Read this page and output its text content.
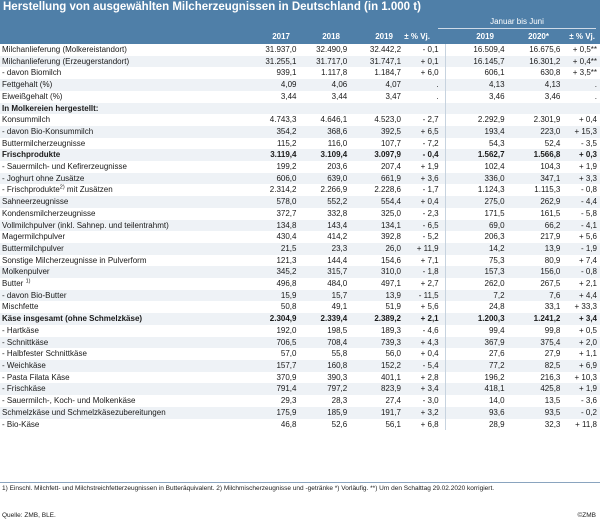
Herstellung von ausgewählten Milcherzeugnissen in Deutschland (in 1.000 t)
Januar bis Juni
2017	2018	2019	± % Vj.	2019	2020*	± % Vj.
Milchanlieferung (Molkereistandort)	31.937,0	32.490,9	32.442,2	- 0,1	16.509,4	16.675,6	+ 0,5**
Milchanlieferung (Erzeugerstandort)	31.255,1	31.717,0	31.747,1	+ 0,1	16.145,7	16.301,2	+ 0,4**
- davon Biomilch	939,1	1.117,8	1.184,7	+ 6,0	606,1	630,8	+ 3,5**
Fettgehalt (%)	4,09	4,06	4,07	.	4,13	4,13	.
Eiweißgehalt (%)	3,44	3,44	3,47	.	3,46	3,46	.
In Molkereien hergestellt:							
Konsummilch	4.743,3	4.646,1	4.523,0	- 2,7	2.292,9	2.301,9	+ 0,4
- davon Bio-Konsummilch	354,2	368,6	392,5	+ 6,5	193,4	223,0	+ 15,3
Buttermilcherzeugnisse	115,2	116,0	107,7	- 7,2	54,3	52,4	- 3,5
Frischprodukte	3.119,4	3.109,4	3.097,9	- 0,4	1.562,7	1.566,8	+ 0,3
- Sauermilch- und Kefirerzeugnisse	199,2	203,6	207,4	+ 1,9	102,4	104,3	+ 1,9
- Joghurt ohne Zusätze	606,0	639,0	661,9	+ 3,6	336,0	347,1	+ 3,3
- Frischprodukte$^{2)}$ mit Zusätzen	2.314,2	2.266,9	2.228,6	- 1,7	1.124,3	1.115,3	- 0,8
Sahneerzeugnisse	578,0	552,2	554,4	+ 0,4	275,0	262,9	- 4,4
Kondensmilcherzeugnisse	372,7	332,8	325,0	- 2,3	171,5	161,5	- 5,8
Vollmilchpulver (inkl. Sahnep. und teilentrahmt)	134,8	143,4	134,1	- 6,5	69,0	66,2	- 4,1
Magermilchpulver	430,4	414,2	392,8	- 5,2	206,3	217,9	+ 5,6
Buttermilchpulver	21,5	23,3	26,0	+ 11,9	14,2	13,9	- 1,9
Sonstige Milcherzeugnisse in Pulverform	121,3	144,4	154,6	+ 7,1	75,3	80,9	+ 7,4
Molkenpulver	345,2	315,7	310,0	- 1,8	157,3	156,0	- 0,8
Butter $^{1)}$	496,8	484,0	497,1	+ 2,7	262,0	267,5	+ 2,1
- davon Bio-Butter	15,9	15,7	13,9	- 11,5	7,2	7,6	+ 4,4
Mischfette	50,8	49,1	51,9	+ 5,6	24,8	33,1	+ 33,3
Käse insgesamt (ohne Schmelzkäse)	2.304,9	2.339,4	2.389,2	+ 2,1	1.200,3	1.241,2	+ 3,4
- Hartkäse	192,0	198,5	189,3	- 4,6	99,4	99,8	+ 0,5
- Schnittkäse	706,5	708,4	739,3	+ 4,3	367,9	375,4	+ 2,0
- Halbfester Schnittkäse	57,0	55,8	56,0	+ 0,4	27,6	27,9	+ 1,1
- Weichkäse	157,7	160,8	152,2	- 5,4	77,2	82,5	+ 6,9
- Pasta Filata Käse	370,9	390,3	401,1	+ 2,8	196,2	216,3	+ 10,3
- Frischkäse	791,4	797,2	823,9	+ 3,4	418,1	425,8	+ 1,9
- Sauermilch-, Koch- und Molkenkäse	29,3	28,3	27,4	- 3,0	14,0	13,5	- 3,6
Schmelzkäse und Schmelzkäsezubereitungen	175,9	185,9	191,7	+ 3,2	93,6	93,5	- 0,2
- Bio-Käse	46,8	52,6	56,1	+ 6,8	28,9	32,3	+ 11,8
1) Einschl. Milchfett- und Milchstreichfetterzeugnissen in Butteräquivalent. 2) Milchmischerzeugnisse und -getränke *) Vorläufig. **) Um den Schalttag 29.02.2020 korrigiert.
Quelle: ZMB, BLE.	©ZMB
